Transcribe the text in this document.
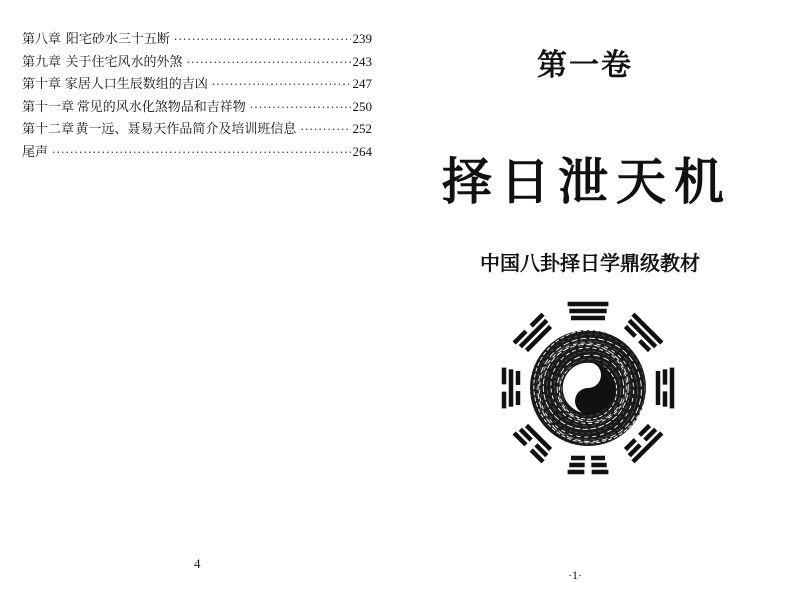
第八章 阳宅砂水三十五断 ·····	239
第九章 关于住宅风水的外煞 ·····	243
第十章 家居人口生辰数组的吉凶 ·····	247
第十一章 常见的风水化煞物品和吉祥物 ·····	250
第十二章 黄一远、聂易天作品简介及培训班信息 ·····	252
尾声 ·····	264
4
第一卷
择日泄天机
中国八卦择日学鼎级教材
·1·
